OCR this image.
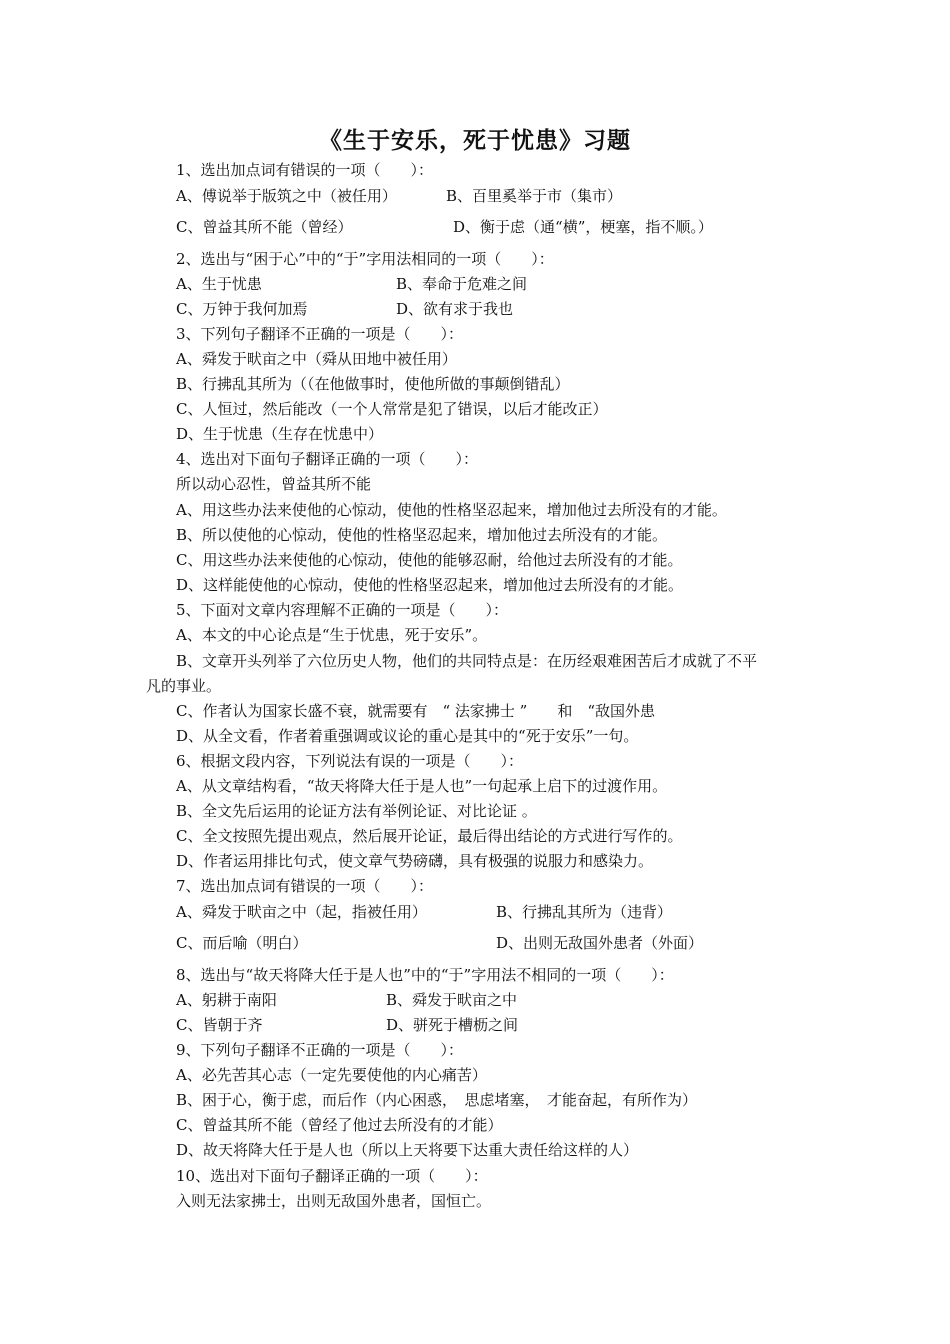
《生于安乐，死于忧患》习题
1、选出加点词有错误的一项（　　）：
A、傅说举于版筑之中（被任用）	B、百里奚举于市（集市）
C、曾益其所不能（曾经）	D、衡于虑（通“横”，梗塞，指不顺。）
2、选出与“困于心”中的“于”字用法相同的一项（　　）：
A、生于忧患	B、奉命于危难之间
C、万钟于我何加焉	D、欲有求于我也
3、下列句子翻译不正确的一项是（　　）：
A、舜发于畎亩之中（舜从田地中被任用）
B、行拂乱其所为（（在他做事时，使他所做的事颠倒错乱）
C、人恒过，然后能改（一个人常常是犯了错误，以后才能改正）
D、生于忧患（生存在忧患中）
4、选出对下面句子翻译正确的一项（　　）：
所以动心忍性，曾益其所不能
A、用这些办法来使他的心惊动，使他的性格坚忍起来，增加他过去所没有的才能。
B、所以使他的心惊动，使他的性格坚忍起来，增加他过去所没有的才能。
C、用这些办法来使他的心惊动，使他的能够忍耐，给他过去所没有的才能。
D、这样能使他的心惊动，使他的性格坚忍起来，增加他过去所没有的才能。
5、下面对文章内容理解不正确的一项是（　　）：
A、本文的中心论点是“生于忧患，死于安乐”。
B、文章开头列举了六位历史人物，他们的共同特点是：在历经艰难困苦后才成就了不平
凡的事业。
C、作者认为国家长盛不衰，就需要有　“ 法家拂士 ”　　和　“敌国外患
D、从全文看，作者着重强调或议论的重心是其中的“死于安乐”一句。
6、根据文段内容，下列说法有误的一项是（　　）：
A、从文章结构看，“故天将降大任于是人也”一句起承上启下的过渡作用。
B、全文先后运用的论证方法有举例论证、对比论证 。
C、全文按照先提出观点，然后展开论证，最后得出结论的方式进行写作的。
D、作者运用排比句式，使文章气势磅礴，具有极强的说服力和感染力。
7、选出加点词有错误的一项（　　）：
A、舜发于畎亩之中（起，指被任用）	B、行拂乱其所为（违背）
C、而后喻（明白）	D、出则无敌国外患者（外面）
8、选出与“故天将降大任于是人也”中的“于”字用法不相同的一项（　　）：
A、躬耕于南阳	B、舜发于畎亩之中
C、皆朝于齐	D、骈死于槽枥之间
9、下列句子翻译不正确的一项是（　　）：
A、必先苦其心志（一定先要使他的内心痛苦）
B、困于心，衡于虑，而后作（内心困惑，　思虑堵塞，　才能奋起，有所作为）
C、曾益其所不能（曾经了他过去所没有的才能）
D、故天将降大任于是人也（所以上天将要下达重大责任给这样的人）
10、选出对下面句子翻译正确的一项（　　）：
入则无法家拂士，出则无敌国外患者，国恒亡。
